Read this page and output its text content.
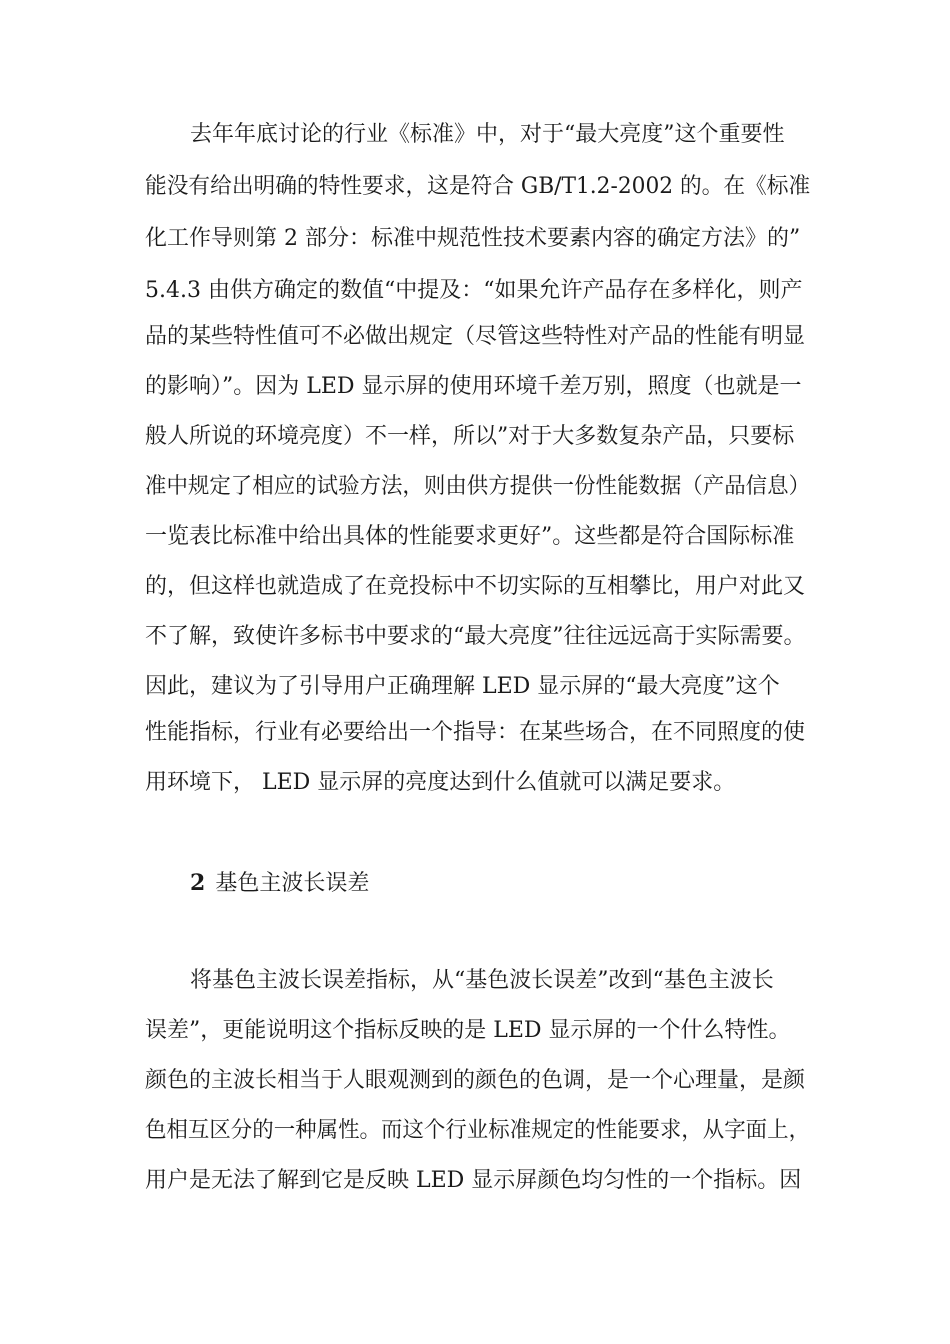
去年年底讨论的行业《标准》中，对于“最大亮度”这个重要性
能没有给出明确的特性要求，这是符合 GB/T1.2-2002 的。在《标准
化工作导则第 2 部分：标准中规范性技术要素内容的确定方法》的”
5.4.3 由供方确定的数值“中提及：“如果允许产品存在多样化，则产
品的某些特性值可不必做出规定（尽管这些特性对产品的性能有明显
的影响）”。因为 LED 显示屏的使用环境千差万别，照度（也就是一
般人所说的环境亮度）不一样，所以”对于大多数复杂产品，只要标
准中规定了相应的试验方法，则由供方提供一份性能数据（产品信息）
一览表比标准中给出具体的性能要求更好”。这些都是符合国际标准
的，但这样也就造成了在竞投标中不切实际的互相攀比，用户对此又
不了解，致使许多标书中要求的“最大亮度”往往远远高于实际需要。
因此，建议为了引导用户正确理解 LED 显示屏的“最大亮度”这个
性能指标，行业有必要给出一个指导：在某些场合，在不同照度的使
用环境下， LED 显示屏的亮度达到什么值就可以满足要求。
2 基色主波长误差
将基色主波长误差指标，从“基色波长误差”改到“基色主波长
误差”，更能说明这个指标反映的是 LED 显示屏的一个什么特性。
颜色的主波长相当于人眼观测到的颜色的色调，是一个心理量，是颜
色相互区分的一种属性。而这个行业标准规定的性能要求，从字面上，
用户是无法了解到它是反映 LED 显示屏颜色均匀性的一个指标。因
